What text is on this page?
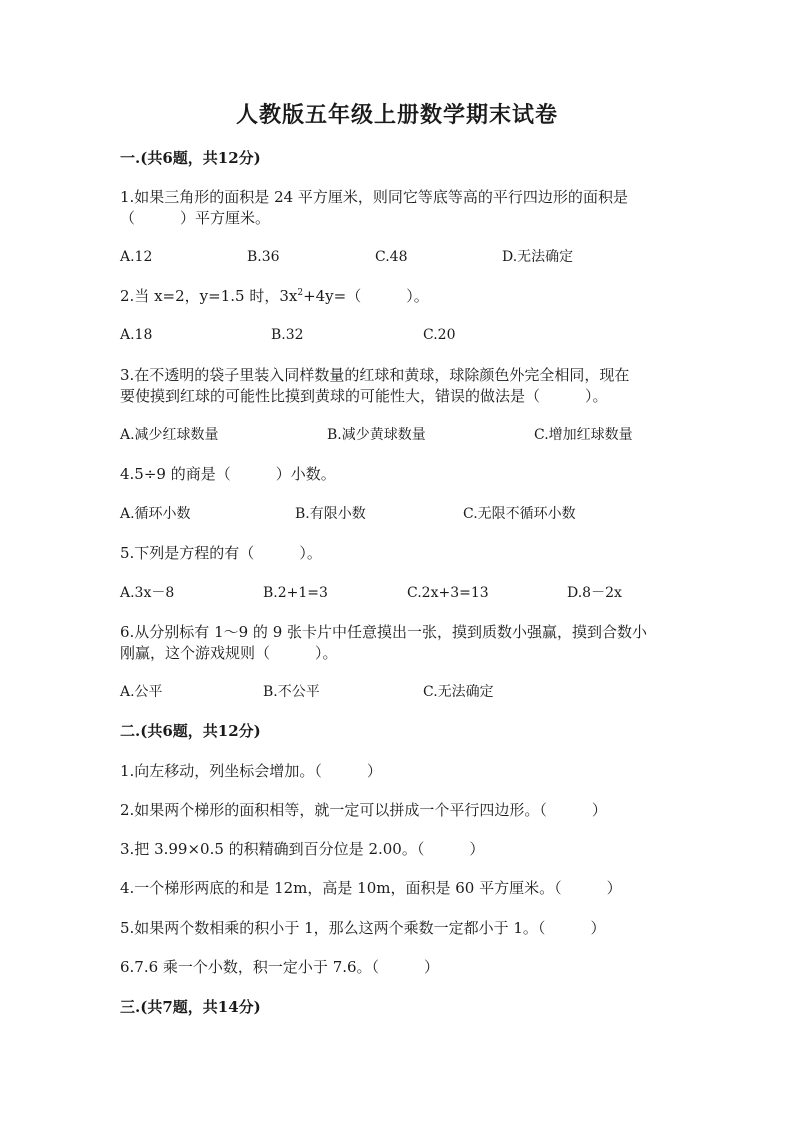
人教版五年级上册数学期末试卷
一.(共6题，共12分)
1.如果三角形的面积是 24 平方厘米，则同它等底等高的平行四边形的面积是
（　　　）平方厘米。
A.12	B.36	C.48	D.无法确定
2.当 x=2，y=1.5 时，$3x^2+4y=$（　　　）。
A.18	B.32	C.20
3.在不透明的袋子里装入同样数量的红球和黄球，球除颜色外完全相同，现在
要使摸到红球的可能性比摸到黄球的可能性大，错误的做法是（　　　）。
A.减少红球数量	B.减少黄球数量	C.增加红球数量
4.5÷9 的商是（　　　）小数。
A.循环小数	B.有限小数	C.无限不循环小数
5.下列是方程的有（　　　）。
A.3x－8	B.2+1=3	C.2x+3=13	D.8－2x
6.从分别标有 1～9 的 9 张卡片中任意摸出一张，摸到质数小强赢，摸到合数小
刚赢，这个游戏规则（　　　）。
A.公平	B.不公平	C.无法确定
二.(共6题，共12分)
1.向左移动，列坐标会增加。（　　　）
2.如果两个梯形的面积相等，就一定可以拼成一个平行四边形。（　　　）
3.把 3.99×0.5 的积精确到百分位是 2.00。（　　　）
4.一个梯形两底的和是 12m，高是 10m，面积是 60 平方厘米。（　　　）
5.如果两个数相乘的积小于 1，那么这两个乘数一定都小于 1。（　　　）
6.7.6 乘一个小数，积一定小于 7.6。（　　　）
三.(共7题，共14分)
